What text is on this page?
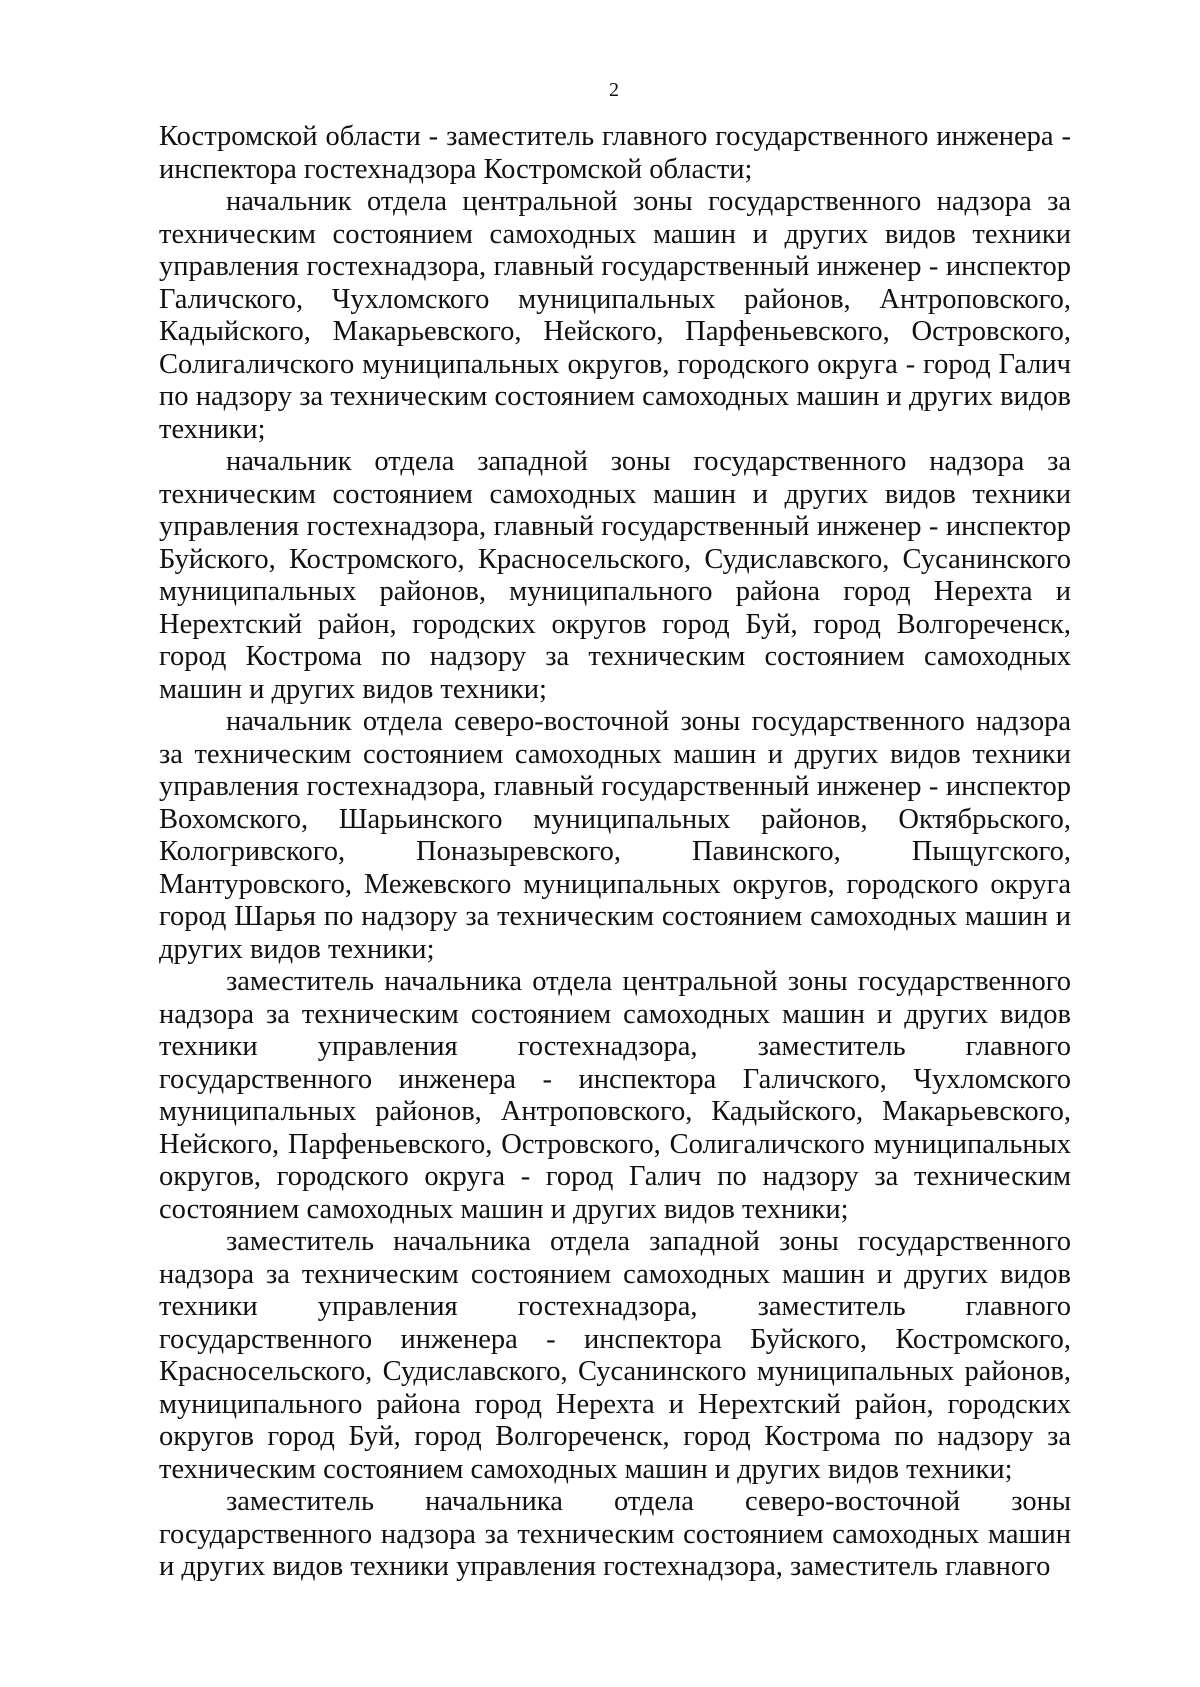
2

Костромской области - заместитель главного государственного инженера - инспектора гостехнадзора Костромской области;

начальник отдела центральной зоны государственного надзора за техническим состоянием самоходных машин и других видов техники управления гостехнадзора, главный государственный инженер - инспектор Галичского, Чухломского муниципальных районов, Антроповского, Кадыйского, Макарьевского, Нейского, Парфеньевского, Островского, Солигаличского муниципальных округов, городского округа - город Галич по надзору за техническим состоянием самоходных машин и других видов техники;

начальник отдела западной зоны государственного надзора за техническим состоянием самоходных машин и других видов техники управления гостехнадзора, главный государственный инженер - инспектор Буйского, Костромского, Красносельского, Судиславского, Сусанинского муниципальных районов, муниципального района город Нерехта и Нерехтский район, городских округов город Буй, город Волгореченск, город Кострома по надзору за техническим состоянием самоходных машин и других видов техники;

начальник отдела северо-восточной зоны государственного надзора за техническим состоянием самоходных машин и других видов техники управления гостехнадзора, главный государственный инженер - инспектор Вохомского, Шарьинского муниципальных районов, Октябрьского, Кологривского, Поназыревского, Павинского, Пыщугского, Мантуровского, Межевского муниципальных округов, городского округа город Шарья по надзору за техническим состоянием самоходных машин и других видов техники;

заместитель начальника отдела центральной зоны государственного надзора за техническим состоянием самоходных машин и других видов техники управления гостехнадзора, заместитель главного государственного инженера - инспектора Галичского, Чухломского муниципальных районов, Антроповского, Кадыйского, Макарьевского, Нейского, Парфеньевского, Островского, Солигаличского муниципальных округов, городского округа - город Галич по надзору за техническим состоянием самоходных машин и других видов техники;

заместитель начальника отдела западной зоны государственного надзора за техническим состоянием самоходных машин и других видов техники управления гостехнадзора, заместитель главного государственного инженера - инспектора Буйского, Костромского, Красносельского, Судиславского, Сусанинского муниципальных районов, муниципального района город Нерехта и Нерехтский район, городских округов город Буй, город Волгореченск, город Кострома по надзору за техническим состоянием самоходных машин и других видов техники;

заместитель начальника отдела северо-восточной зоны государственного надзора за техническим состоянием самоходных машин и других видов техники управления гостехнадзора, заместитель главного
